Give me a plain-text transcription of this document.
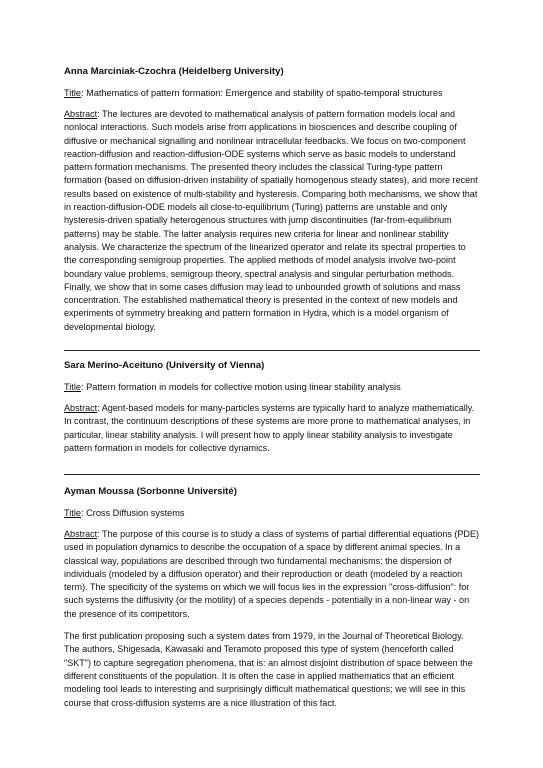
Anna Marciniak-Czochra (Heidelberg University)

Title: Mathematics of pattern formation: Emergence and stability of spatio-temporal structures

Abstract: The lectures are devoted to mathematical analysis of pattern formation models local and nonlocal interactions. Such models arise from applications in biosciences and describe coupling of diffusive or mechanical signalling and nonlinear intracellular feedbacks. We focus on two-component reaction-diffusion and reaction-diffusion-ODE systems which serve as basic models to understand pattern formation mechanisms. The presented theory includes the classical Turing-type pattern formation (based on diffusion-driven instability of spatially homogenous steady states), and more recent results based on existence of multi-stability and hysteresis. Comparing both mechanisms, we show that in reaction-diffusion-ODE models all close-to-equilibrium (Turing) patterns are unstable and only hysteresis-driven spatially heterogenous structures with jump discontinuities (far-from-equilibrium patterns) may be stable. The latter analysis requires new criteria for linear and nonlinear stability analysis. We characterize the spectrum of the linearized operator and relate its spectral properties to the corresponding semigroup properties. The applied methods of model analysis involve two-point boundary value problems, semigroup theory, spectral analysis and singular perturbation methods. Finally, we show that in some cases diffusion may lead to unbounded growth of solutions and mass concentration. The established mathematical theory is presented in the context of new models and experiments of symmetry breaking and pattern formation in Hydra, which is a model organism of developmental biology.

Sara Merino-Aceituno (University of Vienna)

Title: Pattern formation in models for collective motion using linear stability analysis

Abstract: Agent-based models for many-particles systems are typically hard to analyze mathematically. In contrast, the continuum descriptions of these systems are more prone to mathematical analyses, in particular, linear stability analysis. I will present how to apply linear stability analysis to investigate pattern formation in models for collective dynamics.

Ayman Moussa (Sorbonne Université)

Title: Cross Diffusion systems

Abstract: The purpose of this course is to study a class of systems of partial differential equations (PDE) used in population dynamics to describe the occupation of a space by different animal species. In a classical way, populations are described through two fundamental mechanisms: the dispersion of individuals (modeled by a diffusion operator) and their reproduction or death (modeled by a reaction term). The specificity of the systems on which we will focus lies in the expression "cross-diffusion": for such systems the diffusivity (or the motility) of a species depends - potentially in a non-linear way - on the presence of its competitors.

The first publication proposing such a system dates from 1979, in the Journal of Theoretical Biology. The authors, Shigesada, Kawasaki and Teramoto proposed this type of system (henceforth called "SKT") to capture segregation phenomena, that is: an almost disjoint distribution of space between the different constituents of the population. It is often the case in applied mathematics that an efficient modeling tool leads to interesting and surprisingly difficult mathematical questions; we will see in this course that cross-diffusion systems are a nice illustration of this fact.
